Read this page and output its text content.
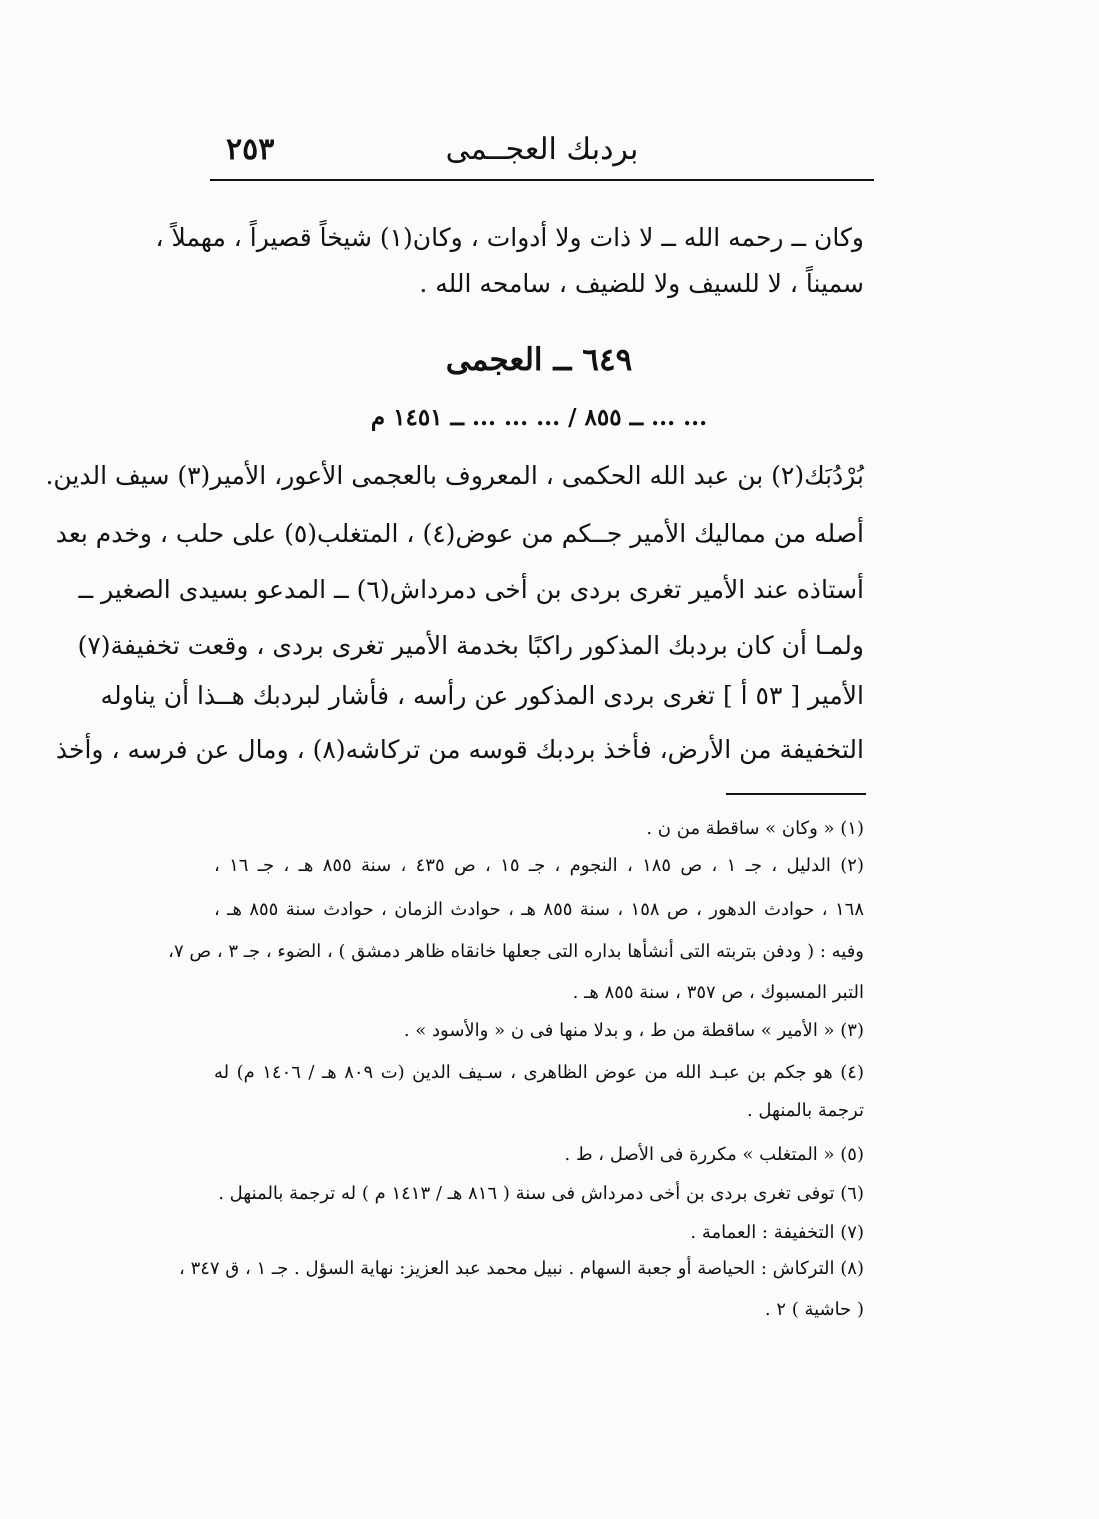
٢٥٣	بردبك العجــمى
وكان ــ رحمه الله ــ لا ذات ولا أدوات ، وكان(١) شيخاً قصيراً ، مهملاً ،
سميناً ، لا للسيف ولا للضيف ، سامحه الله .
٦٤٩ ــ العجمى
... ... ــ ٨٥٥ / ... ... ... ــ ١٤٥١ م
بُرْدُبَك(٢) بن عبد الله الحكمى ، المعروف بالعجمى الأعور، الأمير(٣) سيف الدين.
أصله من مماليك الأمير جــكم من عوض(٤) ، المتغلب(٥) على حلب ، وخدم بعد
أستاذه عند الأمير تغرى بردى بن أخى دمرداش(٦) ــ المدعو بسيدى الصغير ــ
ولمـا أن كان بردبك المذكور راكبًا بخدمة الأمير تغرى بردى ، وقعت تخفيفة(٧)
الأمير [ ٥٣ أ ] تغرى بردى المذكور عن رأسه ، فأشار لبردبك هــذا أن يناوله
التخفيفة من الأرض، فأخذ بردبك قوسه من تركاشه(٨) ، ومال عن فرسه ، وأخذ
(١) « وكان » ساقطة من ن .
(٢) الدليل ، جـ ١ ، ص ١٨٥ ، النجوم ، جـ ١٥ ، ص ٤٣٥ ، سنة ٨٥٥ هـ ، جـ ١٦ ،
١٦٨ ، حوادث الدهور ، ص ١٥٨ ، سنة ٨٥٥ هـ ، حوادث الزمان ، حوادث سنة ٨٥٥ هـ ،
وفيه : ( ودفن بتربته التى أنشأها بداره التى جعلها خانقاه ظاهر دمشق ) ، الضوء ، جـ ٣ ، ص ٧،
التبر المسبوك ، ص ٣٥٧ ، سنة ٨٥٥ هـ .
(٣) « الأمير » ساقطة من ط ، و بدلا منها فى ن « والأسود » .
(٤) هو جكم بن عبـد الله من عوض الظاهرى ، سـيف الدين (ت ٨٠٩ هـ / ١٤٠٦ م) له
ترجمة بالمنهل .
(٥) « المتغلب » مكررة فى الأصل ، ط .
(٦) توفى تغرى بردى بن أخى دمرداش فى سنة ( ٨١٦ هـ / ١٤١٣ م ) له ترجمة بالمنهل .
(٧) التخفيفة : العمامة .
(٨) التركاش : الحياصة أو جعبة السهام . نبيل محمد عبد العزيز: نهاية السؤل . جـ ١ ، ق ٣٤٧ ،
( حاشية ) ٢ .
